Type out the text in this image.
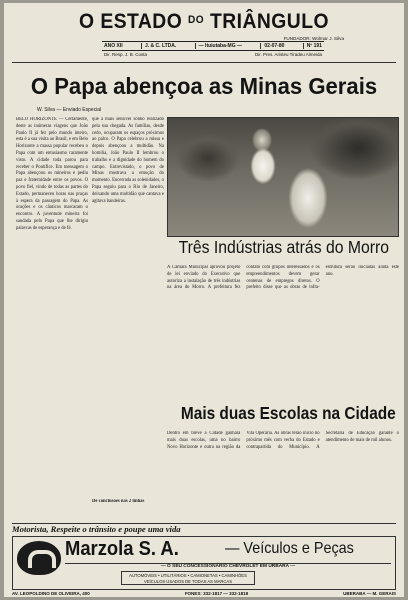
O ESTADO DO TRIÂNGULO
FUNDADOR: Wolmar J. Silva
ANO XII	J. & C. LTDA.	— Ituiutaba-MG —	02-07-80	Nº 191
Dir. Resp. J. B. Costa	Dir. Pres. Aristeu Tiradeu Almeida
O Papa abençoa as Minas Gerais
W. Silva — Enviado Especial
BELO HORIZONTE — Certamente, deste as inúmeras viagens que João Paulo II já fez pelo mundo inteiro, esta é a sua visita ao Brasil, e em Belo Horizonte a massa popular recebeu o Papa com um entusiasmo raramente visto. A cidade toda parou para receber o Pontífice. Em mensagem o Papa abençoou os mineiros e pediu paz e fraternidade entre os povos. O povo fiel, vindo de todas as partes do Estado, permaneceu horas nas praças à espera da passagem do Papa. As orações e os cânticos marcaram o encontro. A juventude mineira foi saudada pelo Papa que lhe dirigiu palavras de esperança e de fé.
que a mais sensível sonho realizado pela sua chegada. As famílias, desde cedo, ocuparam os espaços próximos ao palco. O Papa celebrou a missa e depois abençoou a multidão. Na homilia, João Paulo II lembrou o trabalho e a dignidade do homem do campo. Entrevistado, o povo de Minas mostrava a emoção do momento. Encerrada as solenidades, o Papa seguiu para o Rio de Janeiro, deixando uma multidão que cantava e agitava bandeiras.
De conclusões nas 2 linhas
Três Indústrias atrás do Morro
A Câmara Municipal aprovou projeto de lei enviado do Executivo que autoriza a instalação de três indústrias na área do Morro. A prefeitura fez contato com grupos interessados e os empreendimentos devem gerar centenas de empregos diretos. O prefeito disse que as obras de infra-estrutura serão iniciadas ainda este ano.
Mais duas Escolas na Cidade
Dentro em breve a Cidade ganhará mais duas escolas, uma no bairro Novo Horizonte e outra na região da Vila Operária. As obras terão início no próximo mês com verba do Estado e contrapartida do Município. A Secretaria de Educação garante o atendimento de mais de mil alunos.
Motorista, Respeite o trânsito e poupe uma vida
Marzola S. A.	— Veículos e Peças
— O SEU CONCESSIONÁRIO CHEVROLET EM URBARA —
AUTOMÓVEIS • UTILITÁRIOS • CAMIONETAS • CAMINHÕES
VEÍCULOS USADOS DE TODAS AS MARCAS
AV. LEOPOLDINO DE OLIVEIRA, 400	FONES: 332-1817 — 332-1818	UBERABA — M. GERAIS
